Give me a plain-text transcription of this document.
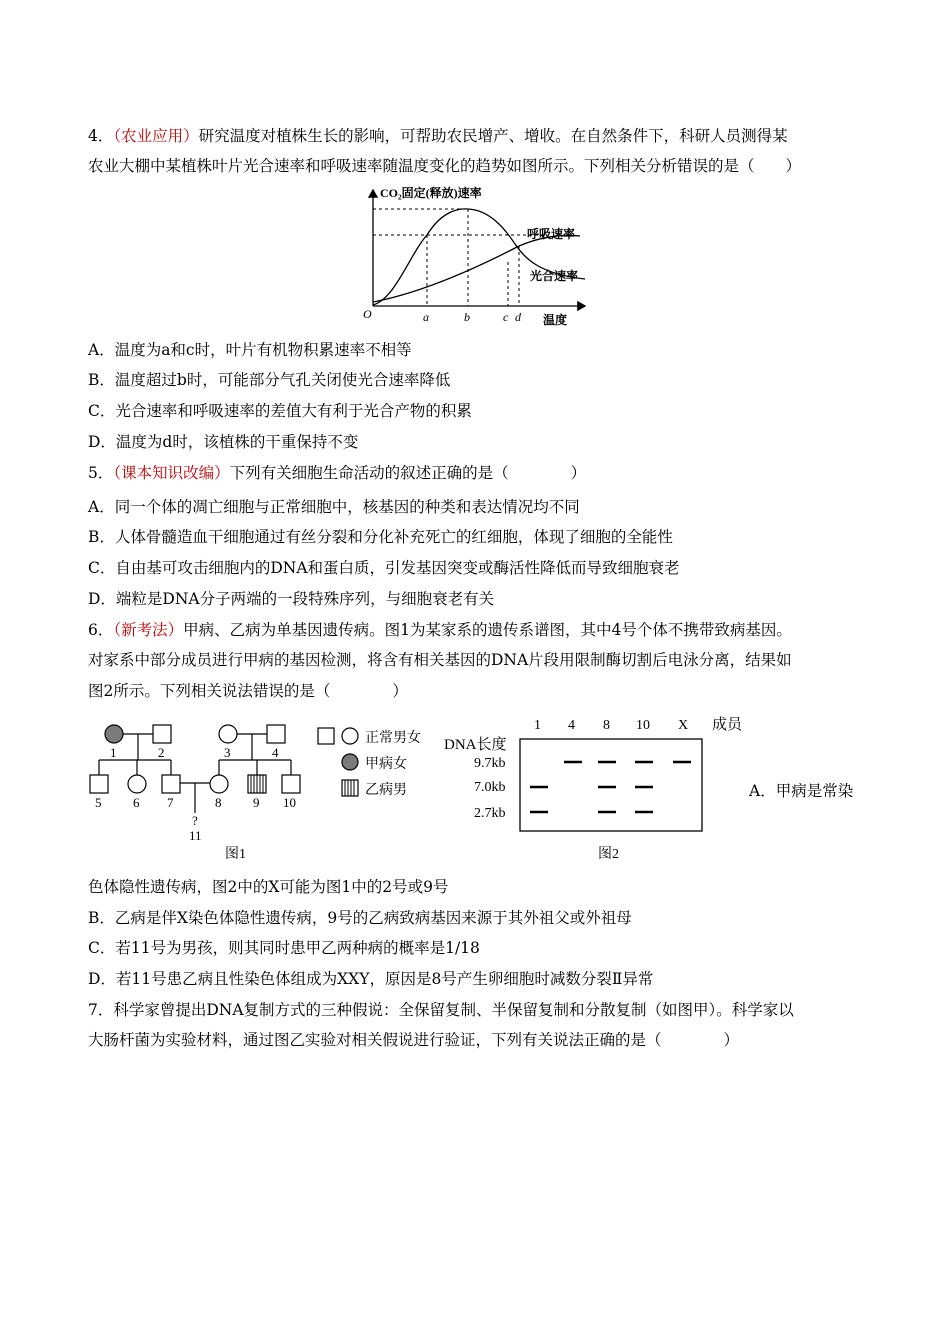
4．（农业应用）研究温度对植株生长的影响，可帮助农民增产、增收。在自然条件下，科研人员测得某
农业大棚中某植株叶片光合速率和呼吸速率随温度变化的趋势如图所示。下列相关分析错误的是（　　）
CO₂固定(释放)速率
O
呼吸速率
光合速率
a	b	c d 温度
A．温度为a和c时，叶片有机物积累速率不相等
B．温度超过b时，可能部分气孔关闭使光合速率降低
C．光合速率和呼吸速率的差值大有利于光合产物的积累
D．温度为d时，该植株的干重保持不变
5．（课本知识改编）下列有关细胞生命活动的叙述正确的是（　　　　）
A．同一个体的凋亡细胞与正常细胞中，核基因的种类和表达情况均不同
B．人体骨髓造血干细胞通过有丝分裂和分化补充死亡的红细胞，体现了细胞的全能性
C．自由基可攻击细胞内的DNA和蛋白质，引发基因突变或酶活性降低而导致细胞衰老
D．端粒是DNA分子两端的一段特殊序列，与细胞衰老有关
6．（新考法）甲病、乙病为单基因遗传病。图1为某家系的遗传系谱图，其中4号个体不携带致病基因。
对家系中部分成员进行甲病的基因检测，将含有相关基因的DNA片段用限制酶切割后电泳分离，结果如
图2所示。下列相关说法错误的是（　　　　）
1	2	3	4
5 6 7	8 9 10
?
11
图1
正常男女
甲病女
乙病男
DNA长度
成员
1 4 8 10 X
9.7kb
7.0kb
2.7kb
图2
A．甲病是常染
色体隐性遗传病，图2中的X可能为图1中的2号或9号
B．乙病是伴X染色体隐性遗传病，9号的乙病致病基因来源于其外祖父或外祖母
C．若11号为男孩，则其同时患甲乙两种病的概率是1/18
D．若11号患乙病且性染色体组成为XXY，原因是8号产生卵细胞时减数分裂Ⅱ异常
7．科学家曾提出DNA复制方式的三种假说：全保留复制、半保留复制和分散复制（如图甲）。科学家以
大肠杆菌为实验材料，通过图乙实验对相关假说进行验证，下列有关说法正确的是（　　　　）
